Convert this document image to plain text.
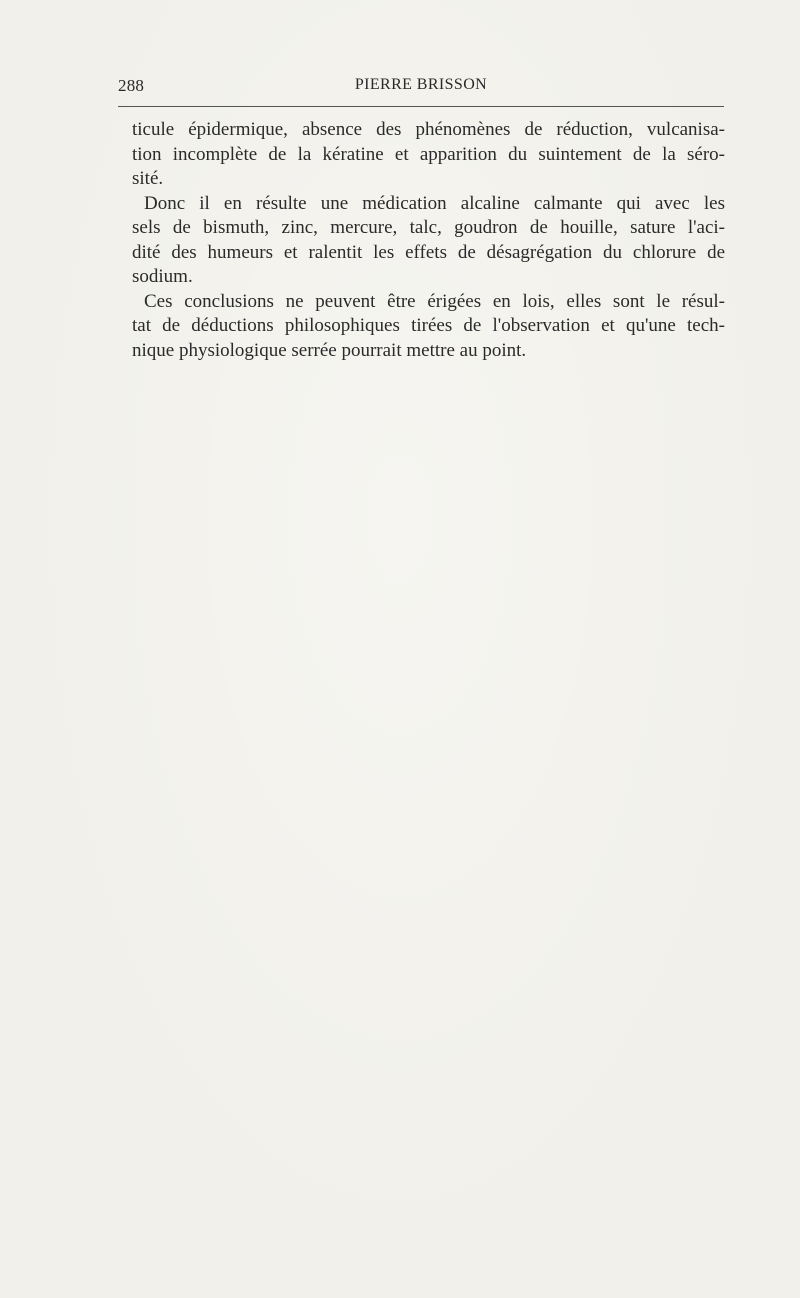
288	PIERRE BRISSON
ticule épidermique, absence des phénomènes de réduction, vulcanisa-
tion incomplète de la kératine et apparition du suintement de la séro-
sité.
Donc il en résulte une médication alcaline calmante qui avec les
sels de bismuth, zinc, mercure, talc, goudron de houille, sature l'aci-
dité des humeurs et ralentit les effets de désagrégation du chlorure de
sodium.
Ces conclusions ne peuvent être érigées en lois, elles sont le résul-
tat de déductions philosophiques tirées de l'observation et qu'une tech-
nique physiologique serrée pourrait mettre au point.
